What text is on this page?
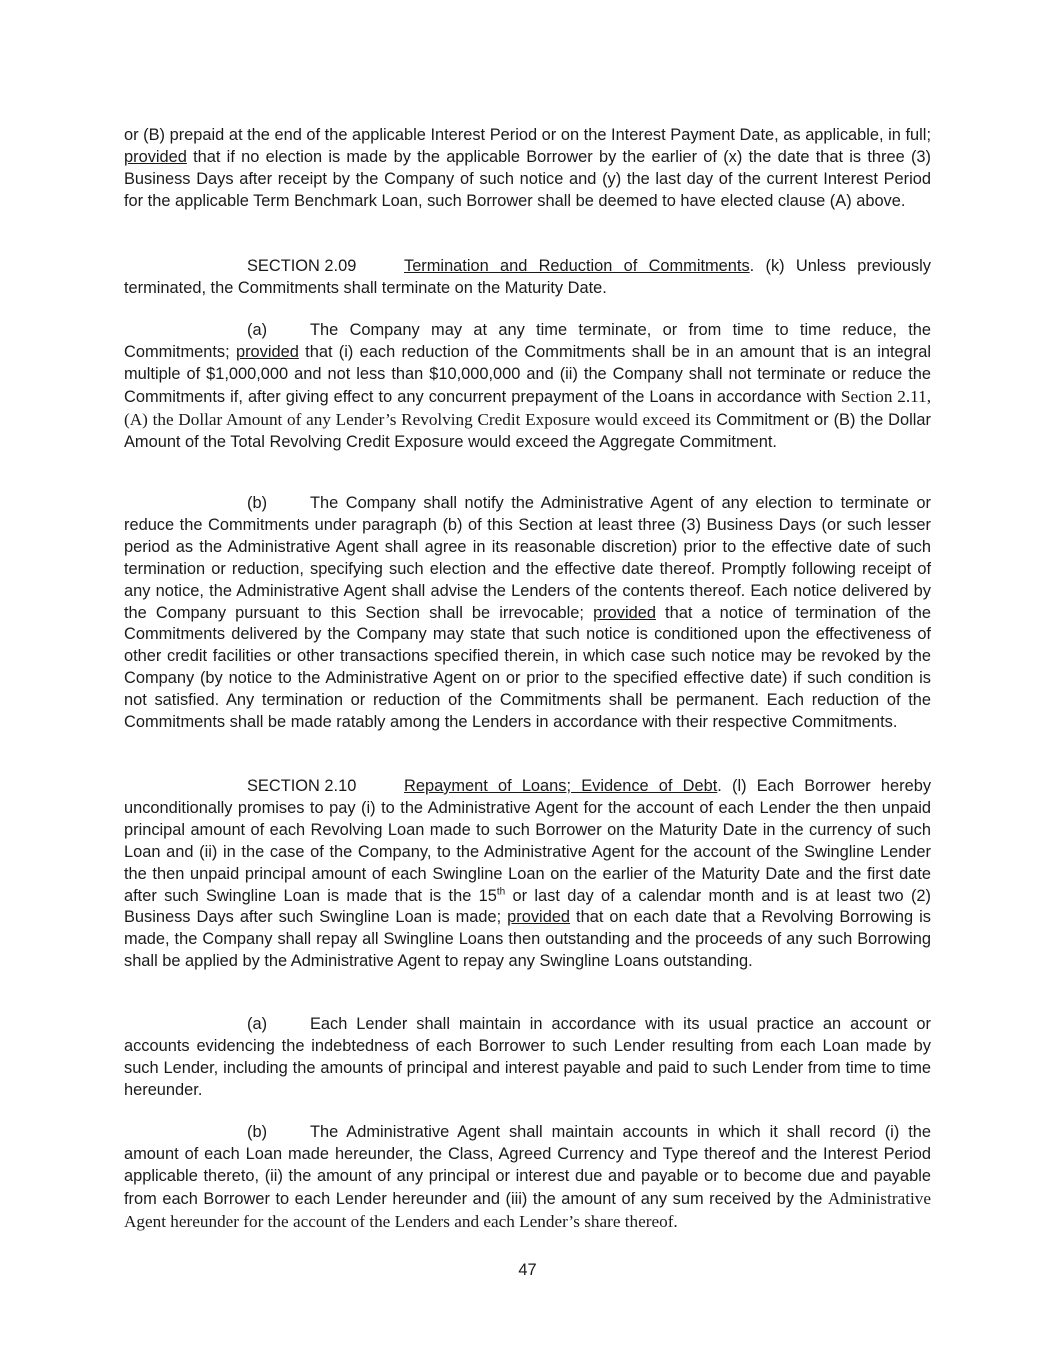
or (B) prepaid at the end of the applicable Interest Period or on the Interest Payment Date, as applicable, in full; provided that if no election is made by the applicable Borrower by the earlier of (x) the date that is three (3) Business Days after receipt by the Company of such notice and (y) the last day of the current Interest Period for the applicable Term Benchmark Loan, such Borrower shall be deemed to have elected clause (A) above.

SECTION 2.09	Termination and Reduction of Commitments. (k) Unless previously terminated, the Commitments shall terminate on the Maturity Date.

(a)	The Company may at any time terminate, or from time to time reduce, the Commitments; provided that (i) each reduction of the Commitments shall be in an amount that is an integral multiple of $1,000,000 and not less than $10,000,000 and (ii) the Company shall not terminate or reduce the Commitments if, after giving effect to any concurrent prepayment of the Loans in accordance with Section 2.11, (A) the Dollar Amount of any Lender’s Revolving Credit Exposure would exceed its Commitment or (B) the Dollar Amount of the Total Revolving Credit Exposure would exceed the Aggregate Commitment.

(b)	The Company shall notify the Administrative Agent of any election to terminate or reduce the Commitments under paragraph (b) of this Section at least three (3) Business Days (or such lesser period as the Administrative Agent shall agree in its reasonable discretion) prior to the effective date of such termination or reduction, specifying such election and the effective date thereof. Promptly following receipt of any notice, the Administrative Agent shall advise the Lenders of the contents thereof. Each notice delivered by the Company pursuant to this Section shall be irrevocable; provided that a notice of termination of the Commitments delivered by the Company may state that such notice is conditioned upon the effectiveness of other credit facilities or other transactions specified therein, in which case such notice may be revoked by the Company (by notice to the Administrative Agent on or prior to the specified effective date) if such condition is not satisfied. Any termination or reduction of the Commitments shall be permanent. Each reduction of the Commitments shall be made ratably among the Lenders in accordance with their respective Commitments.

SECTION 2.10	Repayment of Loans; Evidence of Debt. (l) Each Borrower hereby unconditionally promises to pay (i) to the Administrative Agent for the account of each Lender the then unpaid principal amount of each Revolving Loan made to such Borrower on the Maturity Date in the currency of such Loan and (ii) in the case of the Company, to the Administrative Agent for the account of the Swingline Lender the then unpaid principal amount of each Swingline Loan on the earlier of the Maturity Date and the first date after such Swingline Loan is made that is the 15th or last day of a calendar month and is at least two (2) Business Days after such Swingline Loan is made; provided that on each date that a Revolving Borrowing is made, the Company shall repay all Swingline Loans then outstanding and the proceeds of any such Borrowing shall be applied by the Administrative Agent to repay any Swingline Loans outstanding.

(a)	Each Lender shall maintain in accordance with its usual practice an account or accounts evidencing the indebtedness of each Borrower to such Lender resulting from each Loan made by such Lender, including the amounts of principal and interest payable and paid to such Lender from time to time hereunder.

(b)	The Administrative Agent shall maintain accounts in which it shall record (i) the amount of each Loan made hereunder, the Class, Agreed Currency and Type thereof and the Interest Period applicable thereto, (ii) the amount of any principal or interest due and payable or to become due and payable from each Borrower to each Lender hereunder and (iii) the amount of any sum received by the Administrative Agent hereunder for the account of the Lenders and each Lender’s share thereof.

47
